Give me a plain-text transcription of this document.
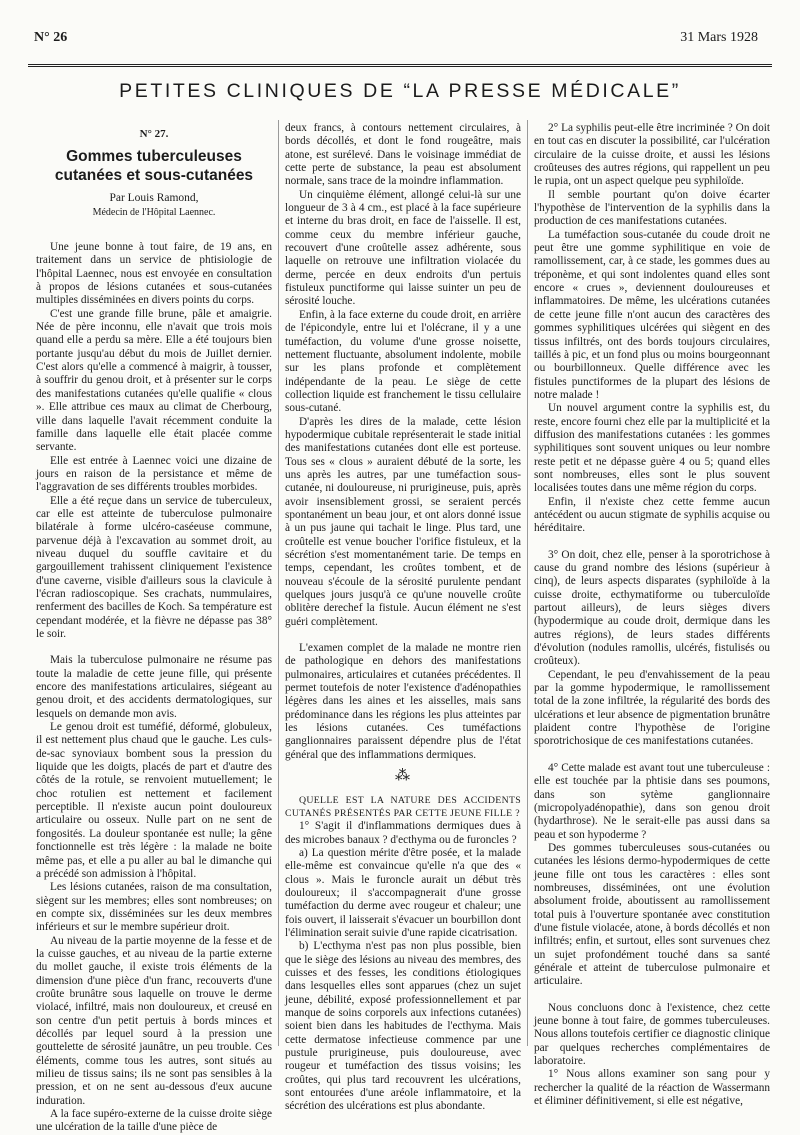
N° 26	31 Mars 1928
PETITES CLINIQUES DE “LA PRESSE MÉDICALE”

N° 27.

Gommes tuberculeuses
cutanées et sous-cutanées

Par Louis Ramond,

Médecin de l'Hôpital Laennec.

Une jeune bonne à tout faire, de 19 ans, en traitement dans un service de phtisiologie de l'hôpital Laennec, nous est envoyée en consultation à propos de lésions cutanées et sous-cutanées multiples disséminées en divers points du corps.

C'est une grande fille brune, pâle et amaigrie. Née de père inconnu, elle n'avait que trois mois quand elle a perdu sa mère. Elle a été toujours bien portante jusqu'au début du mois de Juillet dernier. C'est alors qu'elle a commencé à maigrir, à tousser, à souffrir du genou droit, et à présenter sur le corps des manifestations cutanées qu'elle qualifie « clous ». Elle attribue ces maux au climat de Cherbourg, ville dans laquelle l'avait récemment conduite la famille dans laquelle elle était placée comme servante.

Elle est entrée à Laennec voici une dizaine de jours en raison de la persistance et même de l'aggravation de ses différents troubles morbides.

Elle a été reçue dans un service de tuberculeux, car elle est atteinte de tuberculose pulmonaire bilatérale à forme ulcéro-caséeuse commune, parvenue déjà à l'excavation au sommet droit, au niveau duquel du souffle cavitaire et du gargouillement trahissent cliniquement l'existence d'une caverne, visible d'ailleurs sous la clavicule à l'écran radioscopique. Ses crachats, nummulaires, renferment des bacilles de Koch. Sa température est cependant modérée, et la fièvre ne dépasse pas 38° le soir.

Mais la tuberculose pulmonaire ne résume pas toute la maladie de cette jeune fille, qui présente encore des manifestations articulaires, siégeant au genou droit, et des accidents dermatologiques, sur lesquels on demande mon avis.

Le genou droit est tuméfié, déformé, globuleux, il est nettement plus chaud que le gauche. Les culs-de-sac synoviaux bombent sous la pression du liquide que les doigts, placés de part et d'autre des côtés de la rotule, se renvoient mutuellement; le choc rotulien est nettement et facilement perceptible. Il n'existe aucun point douloureux articulaire ou osseux. Nulle part on ne sent de fongosités. La douleur spontanée est nulle; la gêne fonctionnelle est très légère : la malade ne boite même pas, et elle a pu aller au bal le dimanche qui a précédé son admission à l'hôpital.

Les lésions cutanées, raison de ma consultation, siègent sur les membres; elles sont nombreuses; on en compte six, disséminées sur les deux membres inférieurs et sur le membre supérieur droit.

Au niveau de la partie moyenne de la fesse et de la cuisse gauches, et au niveau de la partie externe du mollet gauche, il existe trois éléments de la dimension d'une pièce d'un franc, recouverts d'une croûte brunâtre sous laquelle on trouve le derme violacé, infiltré, mais non douloureux, et creusé en son centre d'un petit pertuis à bords minces et décollés par lequel sourd à la pression une gouttelette de sérosité jaunâtre, un peu trouble. Ces éléments, comme tous les autres, sont situés au milieu de tissus sains; ils ne sont pas sensibles à la pression, et on ne sent au-dessous d'eux aucune induration.

A la face supéro-externe de la cuisse droite siège une ulcération de la taille d'une pièce de

deux francs, à contours nettement circulaires, à bords décollés, et dont le fond rougeâtre, mais atone, est surélevé. Dans le voisinage immédiat de cette perte de substance, la peau est absolument normale, sans trace de la moindre inflammation.

Un cinquième élément, allongé celui-là sur une longueur de 3 à 4 cm., est placé à la face supérieure et interne du bras droit, en face de l'aisselle. Il est, comme ceux du membre inférieur gauche, recouvert d'une croûtelle assez adhérente, sous laquelle on retrouve une infiltration violacée du derme, percée en deux endroits d'un pertuis fistuleux punctiforme qui laisse suinter un peu de sérosité louche.

Enfin, à la face externe du coude droit, en arrière de l'épicondyle, entre lui et l'olécrane, il y a une tuméfaction, du volume d'une grosse noisette, nettement fluctuante, absolument indolente, mobile sur les plans profonde et complètement indépendante de la peau. Le siège de cette collection liquide est franchement le tissu cellulaire sous-cutané.

D'après les dires de la malade, cette lésion hypodermique cubitale représenterait le stade initial des manifestations cutanées dont elle est porteuse. Tous ses « clous » auraient débuté de la sorte, les uns après les autres, par une tuméfaction sous-cutanée, ni douloureuse, ni prurigineuse, puis, après avoir insensiblement grossi, se seraient percés spontanément un beau jour, et ont alors donné issue à un pus jaune qui tachait le linge. Plus tard, une croûtelle est venue boucher l'orifice fistuleux, et la sécrétion s'est momentanément tarie. De temps en temps, cependant, les croûtes tombent, et de nouveau s'écoule de la sérosité purulente pendant quelques jours jusqu'à ce qu'une nouvelle croûte oblitère derechef la fistule. Aucun élément ne s'est guéri complètement.

L'examen complet de la malade ne montre rien de pathologique en dehors des manifestations pulmonaires, articulaires et cutanées précédentes. Il permet toutefois de noter l'existence d'adénopathies légères dans les aines et les aisselles, mais sans prédominance dans les régions les plus atteintes par les lésions cutanées. Ces tuméfactions ganglionnaires paraissent dépendre plus de l'état général que des inflammations dermiques.

⁂

QUELLE EST LA NATURE DES ACCIDENTS CUTANÉS PRÉSENTÉS PAR CETTE JEUNE FILLE ?

1° S'agit il d'inflammations dermiques dues à des microbes banaux ? d'ecthyma ou de furoncles ?

a) La question mérite d'être posée, et la malade elle-même est convaincue qu'elle n'a que des « clous ». Mais le furoncle aurait un début très douloureux; il s'accompagnerait d'une grosse tuméfaction du derme avec rougeur et chaleur; une fois ouvert, il laisserait s'évacuer un bourbillon dont l'élimination serait suivie d'une rapide cicatrisation.

b) L'ecthyma n'est pas non plus possible, bien que le siège des lésions au niveau des membres, des cuisses et des fesses, les conditions étiologiques dans lesquelles elles sont apparues (chez un sujet jeune, débilité, exposé professionnellement et par manque de soins corporels aux infections cutanées) soient bien dans les habitudes de l'ecthyma. Mais cette dermatose infectieuse commence par une pustule prurigineuse, puis douloureuse, avec rougeur et tuméfaction des tissus voisins; les croûtes, qui plus tard recouvrent les ulcérations, sont entourées d'une aréole inflammatoire, et la sécrétion des ulcérations est plus abondante.

2° La syphilis peut-elle être incriminée ? On doit en tout cas en discuter la possibilité, car l'ulcération circulaire de la cuisse droite, et aussi les lésions croûteuses des autres régions, qui rappellent un peu le rupia, ont un aspect quelque peu syphiloïde.

Il semble pourtant qu'on doive écarter l'hypothèse de l'intervention de la syphilis dans la production de ces manifestations cutanées.

La tuméfaction sous-cutanée du coude droit ne peut être une gomme syphilitique en voie de ramollissement, car, à ce stade, les gommes dues au tréponème, et qui sont indolentes quand elles sont encore « crues », deviennent douloureuses et inflammatoires. De même, les ulcérations cutanées de cette jeune fille n'ont aucun des caractères des gommes syphilitiques ulcérées qui siègent en des tissus infiltrés, ont des bords toujours circulaires, taillés à pic, et un fond plus ou moins bourgeonnant ou bourbillonneux. Quelle différence avec les fistules punctiformes de la plupart des lésions de notre malade !

Un nouvel argument contre la syphilis est, du reste, encore fourni chez elle par la multiplicité et la diffusion des manifestations cutanées : les gommes syphilitiques sont souvent uniques ou leur nombre reste petit et ne dépasse guère 4 ou 5; quand elles sont nombreuses, elles sont le plus souvent localisées toutes dans une même région du corps.

Enfin, il n'existe chez cette femme aucun antécédent ou aucun stigmate de syphilis acquise ou héréditaire.

3° On doit, chez elle, penser à la sporotrichose à cause du grand nombre des lésions (supérieur à cinq), de leurs aspects disparates (syphiloïde à la cuisse droite, ecthymatiforme ou tuberculoïde partout ailleurs), de leurs sièges divers (hypodermique au coude droit, dermique dans les autres régions), de leurs stades différents d'évolution (nodules ramollis, ulcérés, fistulisés ou croûteux).

Cependant, le peu d'envahissement de la peau par la gomme hypodermique, le ramollissement total de la zone infiltrée, la régularité des bords des ulcérations et leur absence de pigmentation brunâtre plaident contre l'hypothèse de l'origine sporotrichosique de ces manifestations cutanées.

4° Cette malade est avant tout une tuberculeuse : elle est touchée par la phtisie dans ses poumons, dans son sytème ganglionnaire (micropolyadénopathie), dans son genou droit (hydarthrose). Ne le serait-elle pas aussi dans sa peau et son hypoderme ?

Des gommes tuberculeuses sous-cutanées ou cutanées les lésions dermo-hypodermiques de cette jeune fille ont tous les caractères : elles sont nombreuses, disséminées, ont une évolution absolument froide, aboutissent au ramollissement total puis à l'ouverture spontanée avec constitution d'une fistule violacée, atone, à bords décollés et non infiltrés; enfin, et surtout, elles sont survenues chez un sujet profondément touché dans sa santé générale et atteint de tuberculose pulmonaire et articulaire.

Nous concluons donc à l'existence, chez cette jeune bonne à tout faire, de gommes tuberculeuses. Nous allons toutefois certifier ce diagnostic clinique par quelques recherches complémentaires de laboratoire.

1° Nous allons examiner son sang pour y rechercher la qualité de la réaction de Wassermann et éliminer définitivement, si elle est négative,
